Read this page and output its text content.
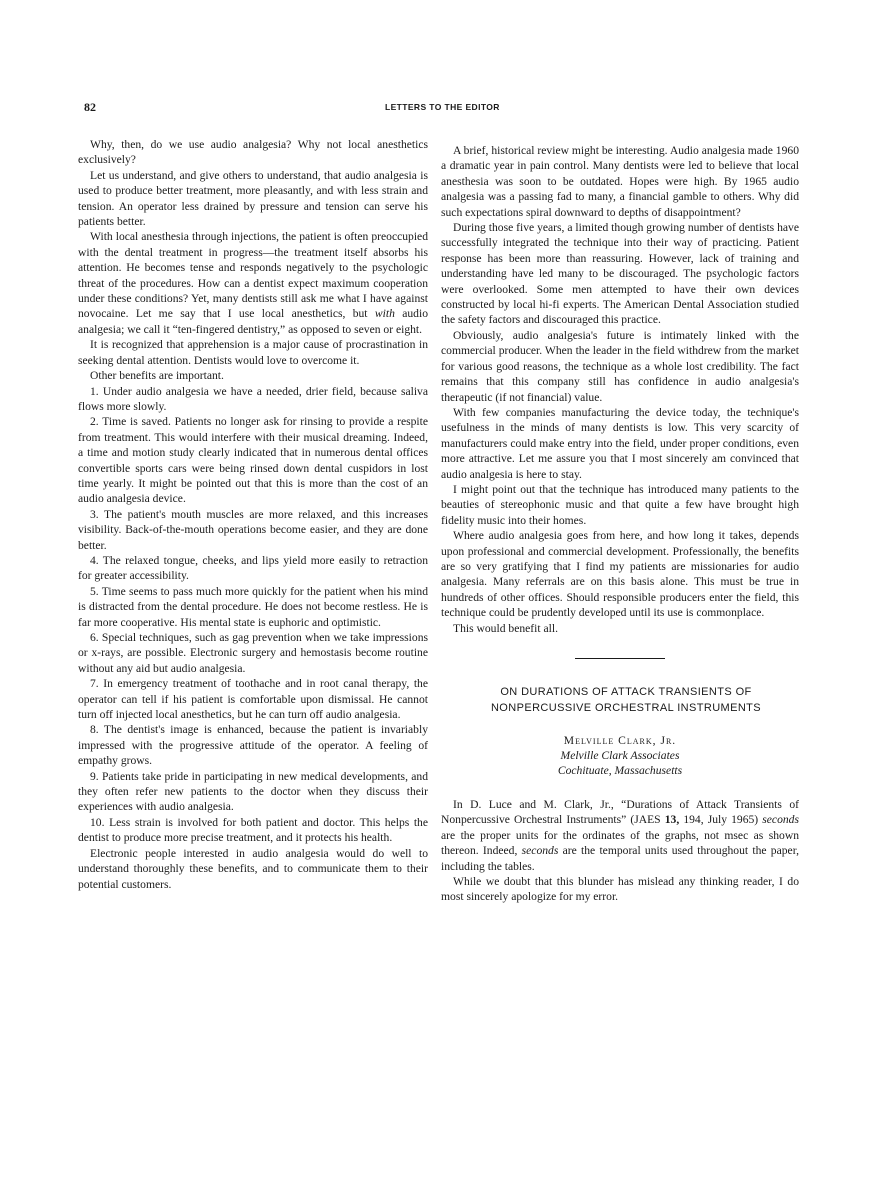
82	LETTERS TO THE EDITOR

Why, then, do we use audio analgesia? Why not local anesthetics exclusively?

Let us understand, and give others to understand, that audio analgesia is used to produce better treatment, more pleasantly, and with less strain and tension. An operator less drained by pressure and tension can serve his patients better.

With local anesthesia through injections, the patient is often preoccupied with the dental treatment in progress—the treatment itself absorbs his attention. He becomes tense and responds negatively to the psychologic threat of the procedures. How can a dentist expect maximum cooperation under these conditions? Yet, many dentists still ask me what I have against novocaine. Let me say that I use local anesthetics, but with audio analgesia; we call it “ten-fingered dentistry,” as opposed to seven or eight.

It is recognized that apprehension is a major cause of procrastination in seeking dental attention. Dentists would love to overcome it.

Other benefits are important.

1. Under audio analgesia we have a needed, drier field, because saliva flows more slowly.

2. Time is saved. Patients no longer ask for rinsing to provide a respite from treatment. This would interfere with their musical dreaming. Indeed, a time and motion study clearly indicated that in numerous dental offices convertible sports cars were being rinsed down dental cuspidors in lost time yearly. It might be pointed out that this is more than the cost of an audio analgesia device.

3. The patient's mouth muscles are more relaxed, and this increases visibility. Back-of-the-mouth operations become easier, and they are done better.

4. The relaxed tongue, cheeks, and lips yield more easily to retraction for greater accessibility.

5. Time seems to pass much more quickly for the patient when his mind is distracted from the dental procedure. He does not become restless. He is far more cooperative. His mental state is euphoric and optimistic.

6. Special techniques, such as gag prevention when we take impressions or x-rays, are possible. Electronic surgery and hemostasis become routine without any aid but audio analgesia.

7. In emergency treatment of toothache and in root canal therapy, the operator can tell if his patient is comfortable upon dismissal. He cannot turn off injected local anesthetics, but he can turn off audio analgesia.

8. The dentist's image is enhanced, because the patient is invariably impressed with the progressive attitude of the operator. A feeling of empathy grows.

9. Patients take pride in participating in new medical developments, and they often refer new patients to the doctor when they discuss their experiences with audio analgesia.

10. Less strain is involved for both patient and doctor. This helps the dentist to produce more precise treatment, and it protects his health.

Electronic people interested in audio analgesia would do well to understand thoroughly these benefits, and to communicate them to their potential customers.

A brief, historical review might be interesting. Audio analgesia made 1960 a dramatic year in pain control. Many dentists were led to believe that local anesthesia was soon to be outdated. Hopes were high. By 1965 audio analgesia was a passing fad to many, a financial gamble to others. Why did such expectations spiral downward to depths of disappointment?

During those five years, a limited though growing number of dentists have successfully integrated the technique into their way of practicing. Patient response has been more than reassuring. However, lack of training and understanding have led many to be discouraged. The psychologic factors were overlooked. Some men attempted to have their own devices constructed by local hi-fi experts. The American Dental Association studied the safety factors and discouraged this practice.

Obviously, audio analgesia's future is intimately linked with the commercial producer. When the leader in the field withdrew from the market for various good reasons, the technique as a whole lost credibility. The fact remains that this company still has confidence in audio analgesia's therapeutic (if not financial) value.

With few companies manufacturing the device today, the technique's usefulness in the minds of many dentists is low. This very scarcity of manufacturers could make entry into the field, under proper conditions, even more attractive. Let me assure you that I most sincerely am convinced that audio analgesia is here to stay.

I might point out that the technique has introduced many patients to the beauties of stereophonic music and that quite a few have brought high fidelity music into their homes.

Where audio analgesia goes from here, and how long it takes, depends upon professional and commercial development. Professionally, the benefits are so very gratifying that I find my patients are missionaries for audio analgesia. Many referrals are on this basis alone. This must be true in hundreds of other offices. Should responsible producers enter the field, this technique could be prudently developed until its use is commonplace.

This would benefit all.

ON DURATIONS OF ATTACK TRANSIENTS OF

NONPERCUSSIVE ORCHESTRAL INSTRUMENTS

Melville Clark, Jr.
Melville Clark Associates
Cochituate, Massachusetts

In D. Luce and M. Clark, Jr., “Durations of Attack Transients of Nonpercussive Orchestral Instruments” (JAES 13, 194, July 1965) seconds are the proper units for the ordinates of the graphs, not msec as shown thereon. Indeed, seconds are the temporal units used throughout the paper, including the tables.

While we doubt that this blunder has mislead any thinking reader, I do most sincerely apologize for my error.
